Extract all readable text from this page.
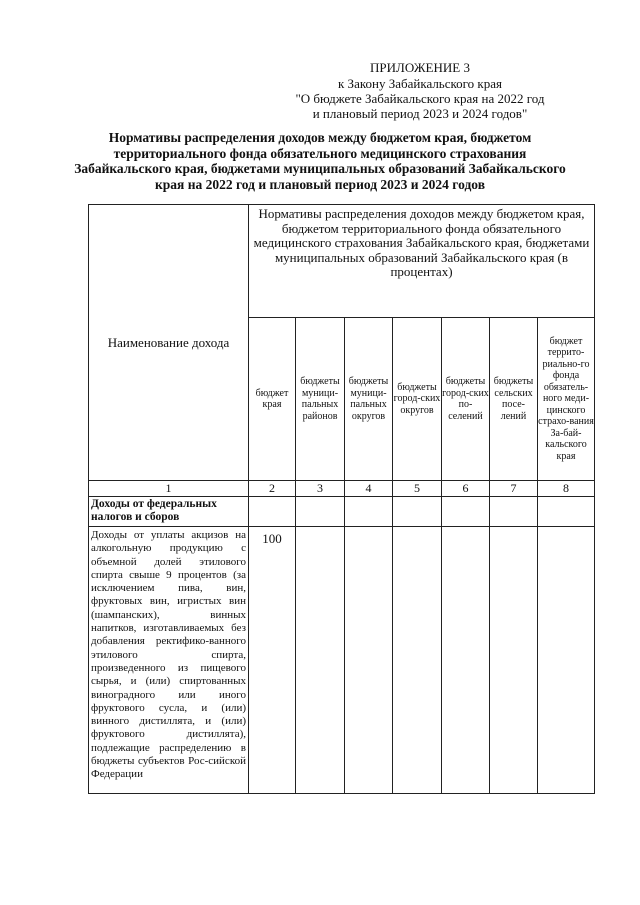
ПРИЛОЖЕНИЕ 3
к Закону Забайкальского края
"О бюджете Забайкальского края на 2022 год
и плановый период 2023 и 2024 годов"
Нормативы распределения доходов между бюджетом края, бюджетом территориального фонда обязательного медицинского страхования Забайкальского края, бюджетами муниципальных образований Забайкальского края на 2022 год и плановый период 2023 и 2024 годов
Наименование дохода	Нормативы распределения доходов между бюджетом края, бюджетом территориального фонда обязательного медицинского страхования Забайкальского края, бюджетами муниципальных образований Забайкальского края (в процентах)						
	бюджет края	бюджеты муници-пальных районов	бюджеты муници-пальных округов	бюджеты город-ских округов	бюджеты город-ских по-селений	бюджеты сельских посе-лений	бюджет террито-риально-го фонда обязатель-ного меди-цинского страхо-вания За-бай-кальского края
1	2	3	4	5	6	7	8
Доходы от федеральных налогов и сборов							
Доходы от уплаты акцизов на алкогольную продукцию с объемной долей этилового спирта свыше 9 процентов (за исключением пива, вин, фруктовых вин, игристых вин (шампанских), винных напитков, изготавливаемых без добавления ректифико-ванного этилового спирта, произведенного из пищевого сырья, и (или) спиртованных виноградного или иного фруктового сусла, и (или) винного дистиллята, и (или) фруктового дистиллята), подлежащие распределению в бюджеты субъектов Рос-сийской Федерации	100						
